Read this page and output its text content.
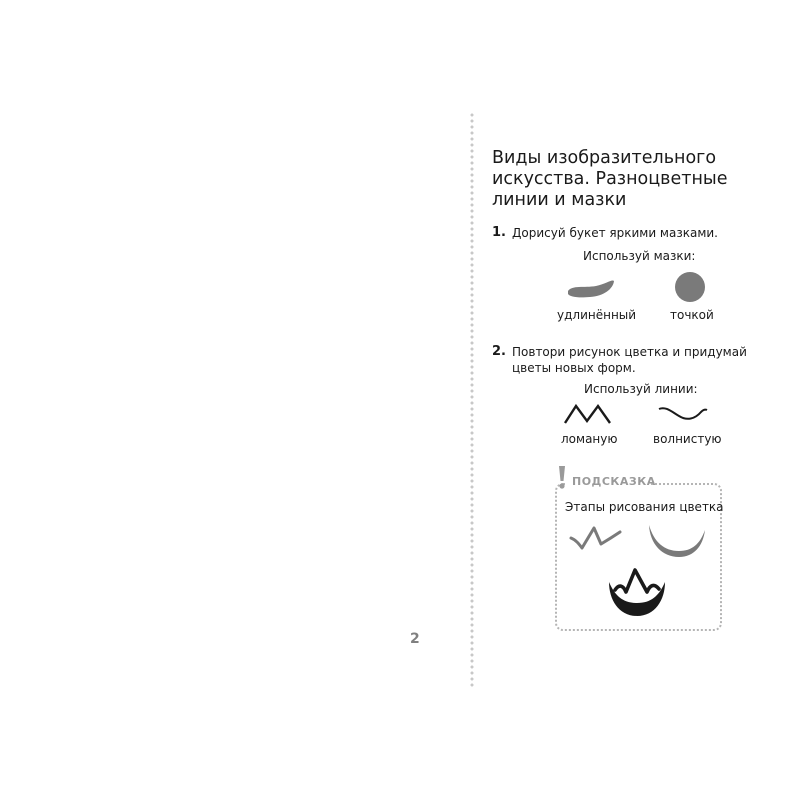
2
Виды изобразительного искусства. Разноцветные линии и мазки
1. Дорисуй букет яркими мазками.
Используй мазки:
удлинённый	точкой
2. Повтори рисунок цветка и придумай цветы новых форм.
Используй линии:
ломаную	волнистую
ПОДСКАЗКА
Этапы рисования цветка
